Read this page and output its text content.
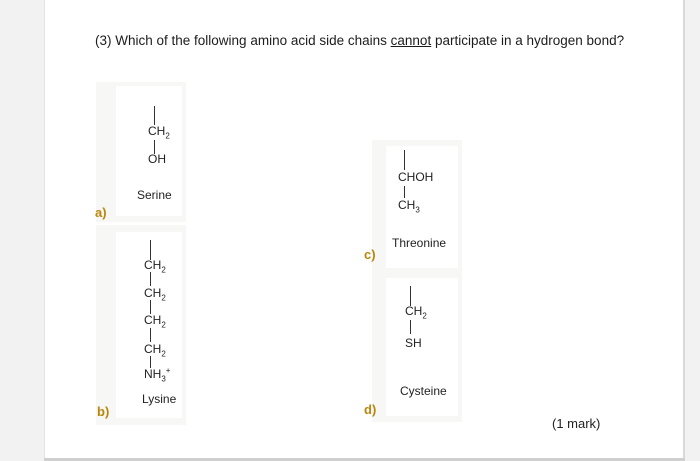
(3) Which of the following amino acid side chains cannot participate in a hydrogen bond?
$CH_2$
OH
Serine
a)
$CH_2$
$CH_2$
$CH_2$
$CH_2$
$NH_3^+$
Lysine
b)
CHOH
$CH_3$
Threonine
c)
$CH_2$
SH
Cysteine
d)
(1 mark)
